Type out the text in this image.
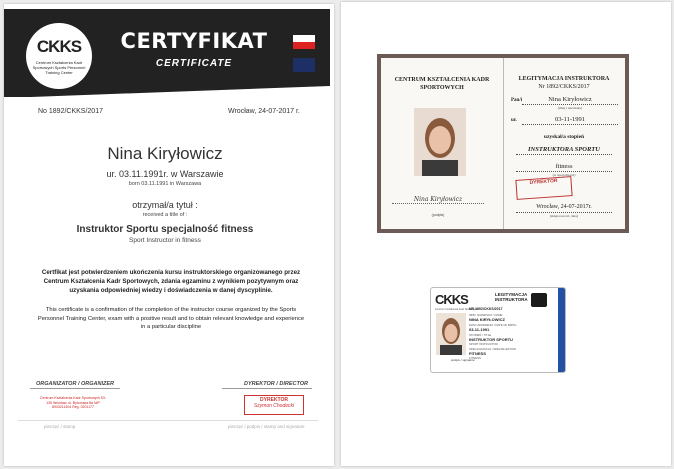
CKKS
Centrum Kształcenia Kadr Sportowych Sports Personnel Training Center
CERTYFIKAT
CERTIFICATE
No 1892/CKKS/2017	Wrocław, 24-07-2017 r.
Nina Kiryłowicz
ur. 03.11.1991r. w Warszawie
born 03.11.1991 in Warszawa
otrzymał/a tytuł :
received a title of :
Instruktor Sportu specjalność fitness
Sport Instructor in fitness
Certfikat jest potwierdzeniem ukończenia kursu instruktorskiego organizowanego przez Centrum Kształcenia Kadr Sportowych, zdania egzaminu z wynikiem pozytywnym oraz uzyskania odpowiedniej wiedzy i doświadczenia w danej dyscyplinie.
This certificate is a confirmation of the completion of the instructor course organized by the Sports Personnel Training Center, exam with a positive result and to obtain relevant knowledge and experience in a particular discipline
ORGANIZATOR / ORGANIZER	DYREKTOR / DIRECTOR
Centrum Kształcenia Kadr Sportowych 53-135 Wrocław, ul. Byfomska 8a NIP 8943211404 Reg. 0201177
DYREKTOR
Szymon Chodecki
pieczęć / stamp	pieczęć i podpis / stamp and signature
CENTRUM KSZTAŁCENIA KADR SPORTOWYCH
Nina Kiryłowicz
(podpis)
LEGITYMACJA INSTRUKTORA
Nr 1892/CKKS/2017
Pan/i	Nina Kiryłowicz
(imię i nazwisko)
ur.	03-11-1991
uzyskał/a stopień
INSTRUKTORA SPORTU
fitness
(w specjalności)
DYREKTOR
Wrocław, 24-07-2017r.
(miejscowość, data)
CKKS
Centrum Kształcenia Kadr Sportowych
LEGITYMACJA
INSTRUKTORA
NR 1892/CKKS/2017
IMIĘ I NAZWISKO / NAME
NINA KIRYŁOWICZ
DATA URODZENIA / DATE OF BIRTH
03-11-1991
STOPIEŃ / TITLE
INSTRUKTOR SPORTU
SPORT INSTRUCTOR
SPECJALIZACJA / SPECIALIZATION
FITNESS
FITNESS
podpis / signature
